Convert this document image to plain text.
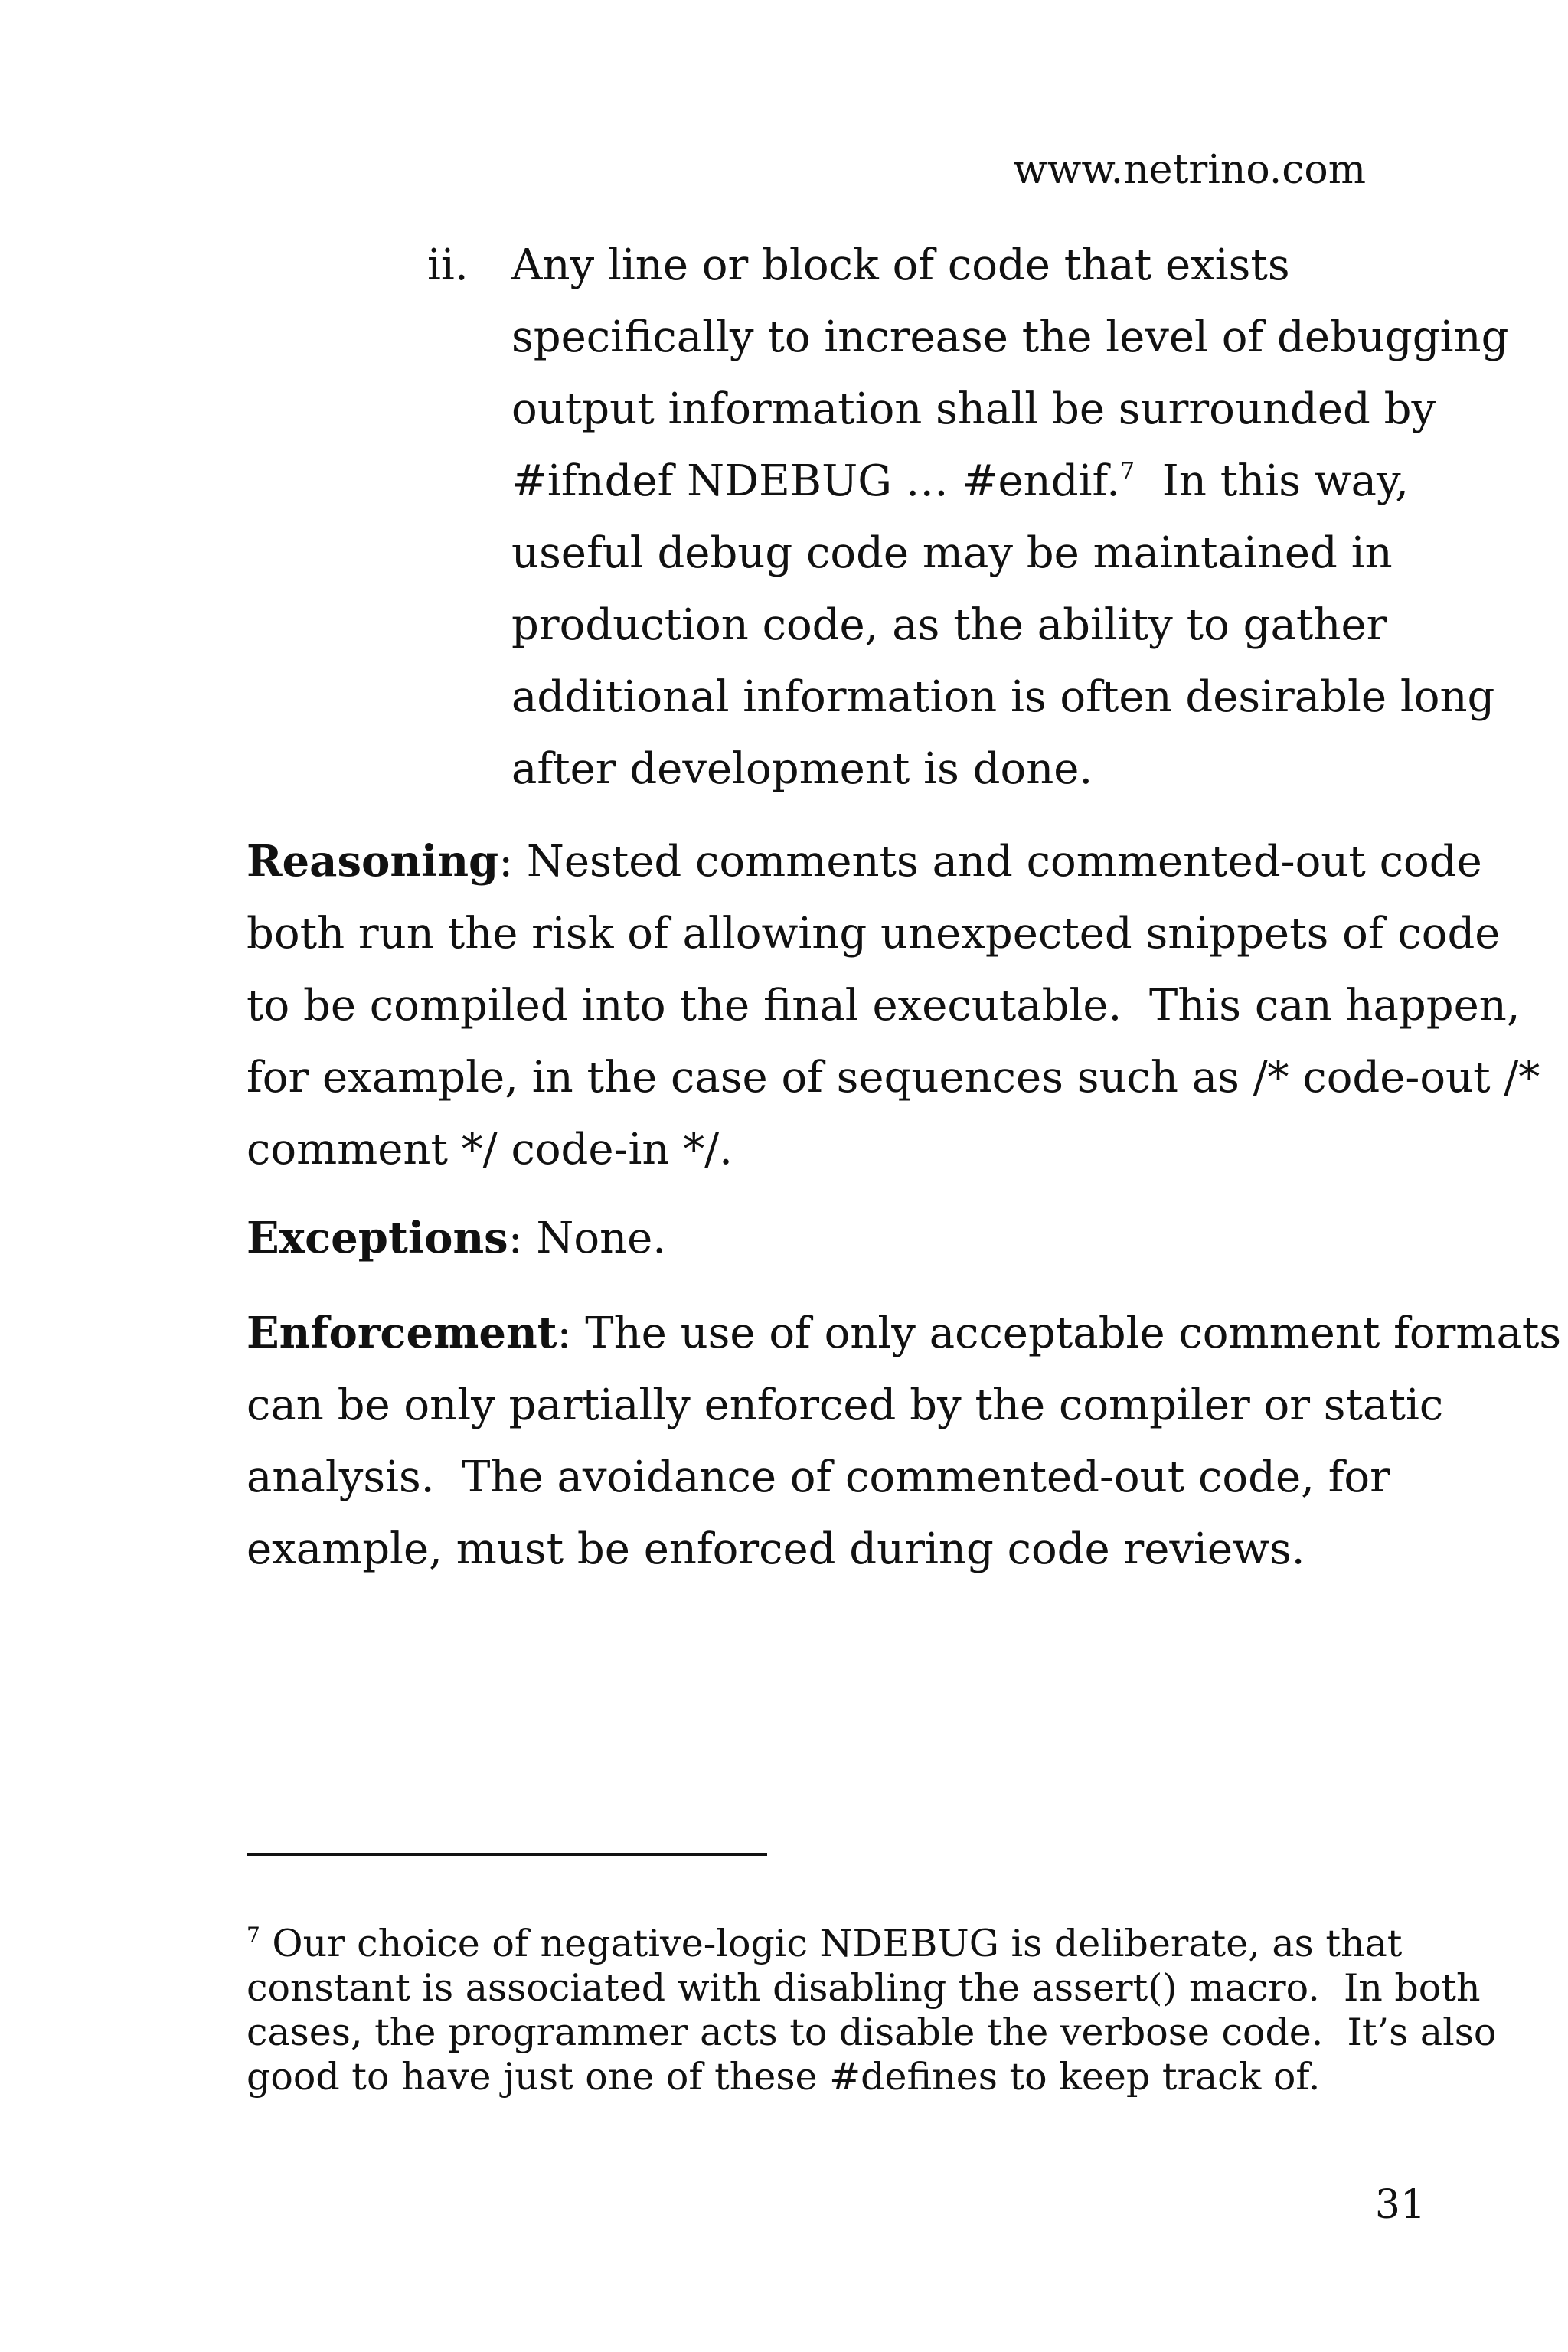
www.netrino.com
ii.	Any line or block of code that exists

specifically to increase the level of debugging

output information shall be surrounded by

#ifndef NDEBUG … #endif.$^7$  In this way,

useful debug code may be maintained in

production code, as the ability to gather

additional information is often desirable long

after development is done.

Reasoning: Nested comments and commented-out code

both run the risk of allowing unexpected snippets of code

to be compiled into the final executable.  This can happen,

for example, in the case of sequences such as /* code-out /*

comment */ code-in */.

Exceptions: None.

Enforcement: The use of only acceptable comment formats

can be only partially enforced by the compiler or static

analysis.  The avoidance of commented-out code, for

example, must be enforced during code reviews.

$^7$ Our choice of negative-logic NDEBUG is deliberate, as that

constant is associated with disabling the assert() macro.  In both

cases, the programmer acts to disable the verbose code.  It’s also

good to have just one of these #defines to keep track of.

31
